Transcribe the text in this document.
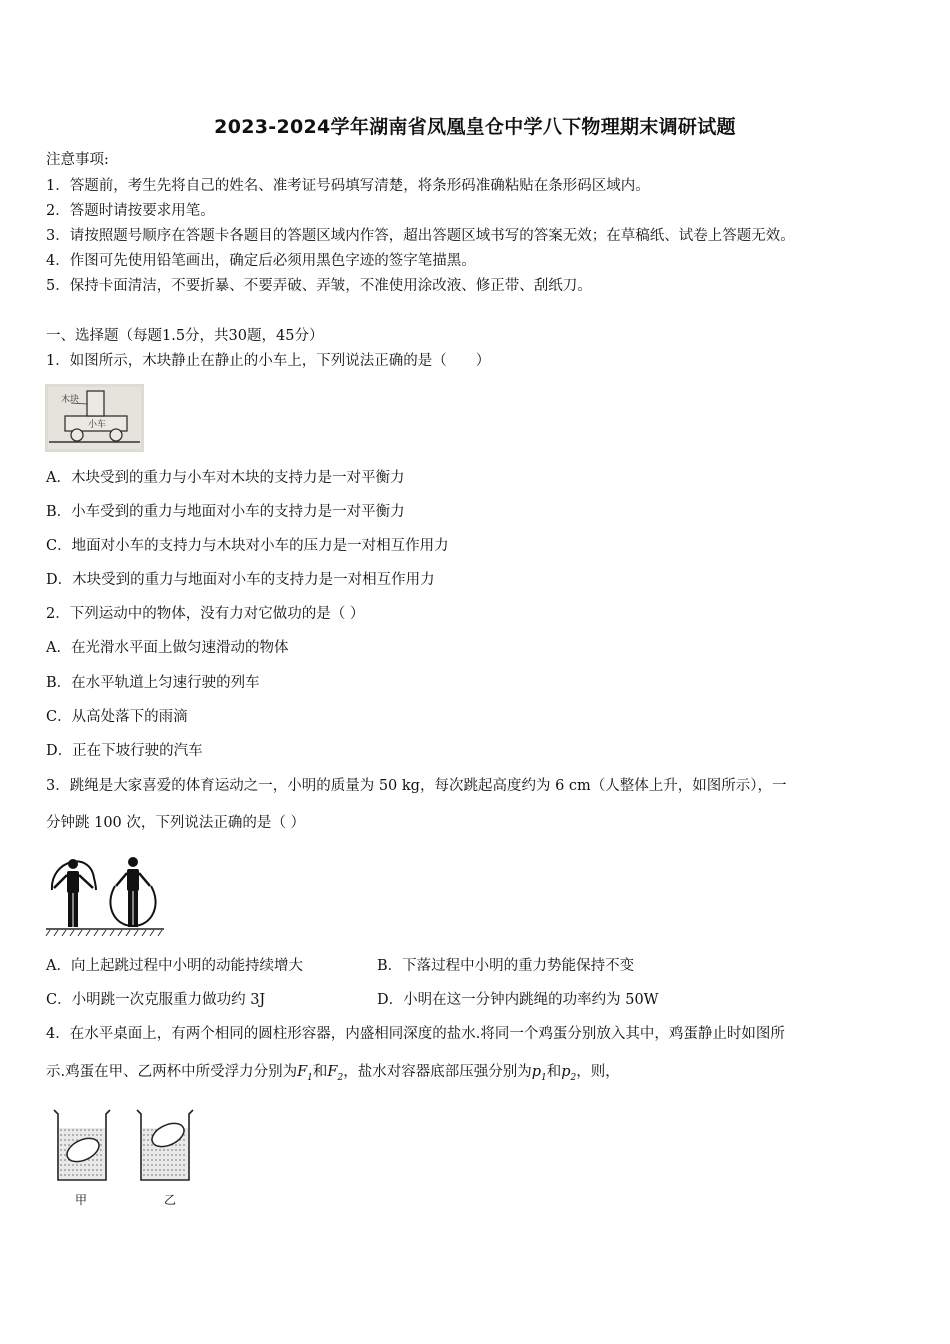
2023-2024学年湖南省凤凰皇仓中学八下物理期末调研试题
注意事项:
1．答题前，考生先将自己的姓名、准考证号码填写清楚，将条形码准确粘贴在条形码区域内。
2．答题时请按要求用笔。
3．请按照题号顺序在答题卡各题目的答题区域内作答，超出答题区域书写的答案无效；在草稿纸、试卷上答题无效。
4．作图可先使用铅笔画出，确定后必须用黑色字迹的签字笔描黑。
5．保持卡面清洁，不要折暴、不要弄破、弄皱，不准使用涂改液、修正带、刮纸刀。
一、选择题（每题1.5分，共30题，45分）
1．如图所示，木块静止在静止的小车上，下列说法正确的是（　　）
木块
小车
A．木块受到的重力与小车对木块的支持力是一对平衡力
B．小车受到的重力与地面对小车的支持力是一对平衡力
C．地面对小车的支持力与木块对小车的压力是一对相互作用力
D．木块受到的重力与地面对小车的支持力是一对相互作用力
2．下列运动中的物体，没有力对它做功的是（ ）
A．在光滑水平面上做匀速滑动的物体
B．在水平轨道上匀速行驶的列车
C．从高处落下的雨滴
D．正在下坡行驶的汽车
3．跳绳是大家喜爱的体育运动之一，小明的质量为 50 kg，每次跳起高度约为 6 cm（人整体上升，如图所示），一
分钟跳 100 次，下列说法正确的是（ ）
A．向上起跳过程中小明的动能持续增大	B．下落过程中小明的重力势能保持不变
C．小明跳一次克服重力做功约 3J	D．小明在这一分钟内跳绳的功率约为 50W
4．在水平桌面上，有两个相同的圆柱形容器，内盛相同深度的盐水.将同一个鸡蛋分别放入其中，鸡蛋静止时如图所
示.鸡蛋在甲、乙两杯中所受浮力分别为$F_1$和$F_2$，盐水对容器底部压强分别为$p_1$和$p_2$，则，
甲	乙
